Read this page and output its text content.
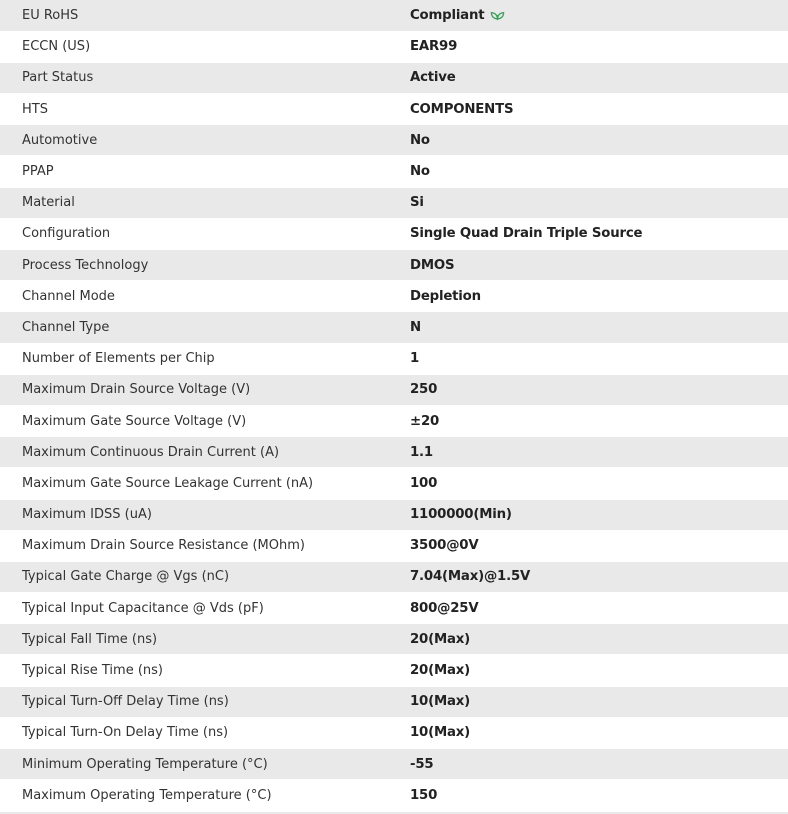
EU RoHS	Compliant
ECCN (US)	EAR99
Part Status	Active
HTS	COMPONENTS
Automotive	No
PPAP	No
Material	Si
Configuration	Single Quad Drain Triple Source
Process Technology	DMOS
Channel Mode	Depletion
Channel Type	N
Number of Elements per Chip	1
Maximum Drain Source Voltage (V)	250
Maximum Gate Source Voltage (V)	±20
Maximum Continuous Drain Current (A)	1.1
Maximum Gate Source Leakage Current (nA)	100
Maximum IDSS (uA)	1100000(Min)
Maximum Drain Source Resistance (MOhm)	3500@0V
Typical Gate Charge @ Vgs (nC)	7.04(Max)@1.5V
Typical Input Capacitance @ Vds (pF)	800@25V
Typical Fall Time (ns)	20(Max)
Typical Rise Time (ns)	20(Max)
Typical Turn-Off Delay Time (ns)	10(Max)
Typical Turn-On Delay Time (ns)	10(Max)
Minimum Operating Temperature (°C)	-55
Maximum Operating Temperature (°C)	150
